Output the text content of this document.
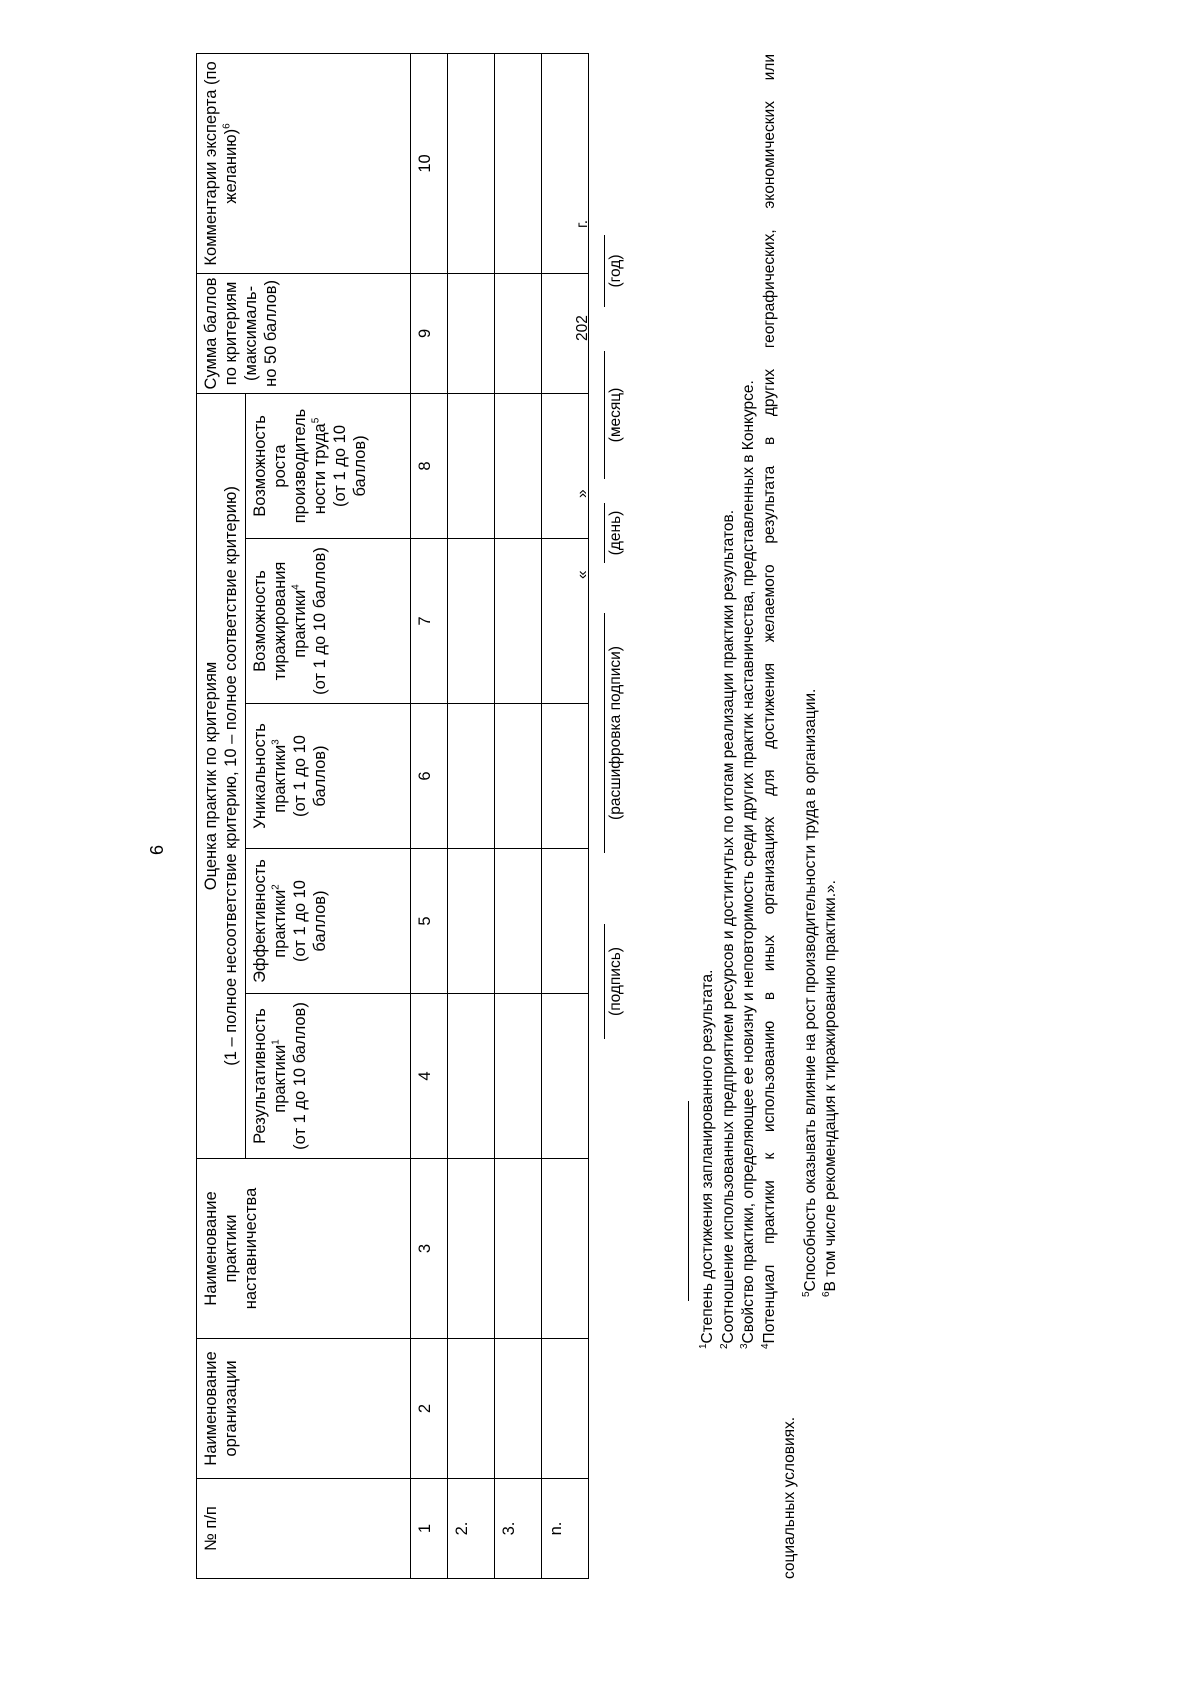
6
№ п/п	Наименование организации	Наименование практики наставничества	Оценка практик по критериям (1 – полное несоответствие критерию, 10 – полное соответствие критерию)					Сумма баллов по критериям (максималь-но 50 баллов)	Комментарии эксперта (по желанию)$^6$
			Результативность практики$^1$ (от 1 до 10 баллов)	Эффективность практики$^2$ (от 1 до 10 баллов)	Уникальность практики$^3$ (от 1 до 10 баллов)	Возможность тиражирования практики$^4$ (от 1 до 10 баллов)	Возможность роста производитель ности труда$^5$
(от 1 до 10 баллов)		
1	2	3	4	5	6	7	8	9	10
2.									
3.									
n.									
(подпись)
(расшифровка подписи)
«
(день)
»
(месяц)
202
(год)
г.
$^1$Степень достижения запланированного результата.
$^2$Соотношение использованных предприятием ресурсов и достигнутых по итогам реализации практики результатов.
$^3$Свойство практики, определяющее ее новизну и неповторимость среди других практик наставничества, представленных в Конкурсе.
$^4$Потенциал практики к использованию в иных организациях для достижения желаемого результата в других географических, экономических или
социальных условиях.
$^5$Способность оказывать влияние на рост производительности труда в организации.
$^6$В том числе рекомендация к тиражированию практики.».
